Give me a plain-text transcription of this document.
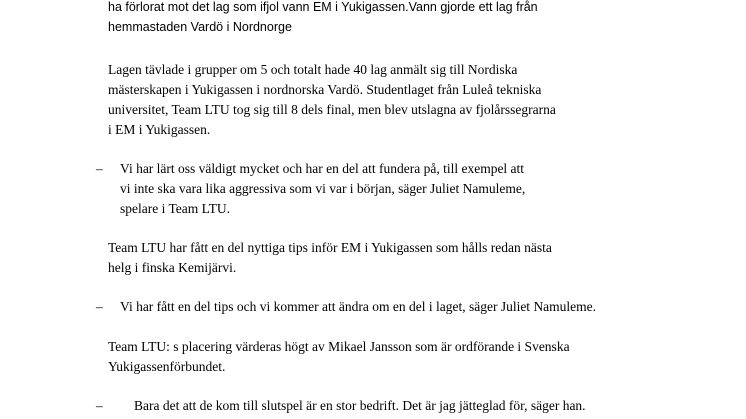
ha förlorat mot det lag som ifjol vann EM i Yukigassen.Vann gjorde ett lag från
hemmastaden Vardö i Nordnorge
Lagen tävlade i grupper om 5 och totalt hade 40 lag anmält sig till Nordiska
mästerskapen i Yukigassen i nordnorska Vardö. Studentlaget från Luleå tekniska
universitet, Team LTU tog sig till 8 dels final, men blev utslagna av fjolårssegrarna
i EM i Yukigassen.
– Vi har lärt oss väldigt mycket och har en del att fundera på, till exempel att
vi inte ska vara lika aggressiva som vi var i början, säger Juliet Namuleme,
spelare i Team LTU.
Team LTU har fått en del nyttiga tips inför EM i Yukigassen som hålls redan nästa
helg i finska Kemijärvi.
– Vi har fått en del tips och vi kommer att ändra om en del i laget, säger Juliet Namuleme.
Team LTU: s placering värderas högt av Mikael Jansson som är ordförande i Svenska
Yukigassenförbundet.
– Bara det att de kom till slutspel är en stor bedrift. Det är jag jätteglad för, säger han.
